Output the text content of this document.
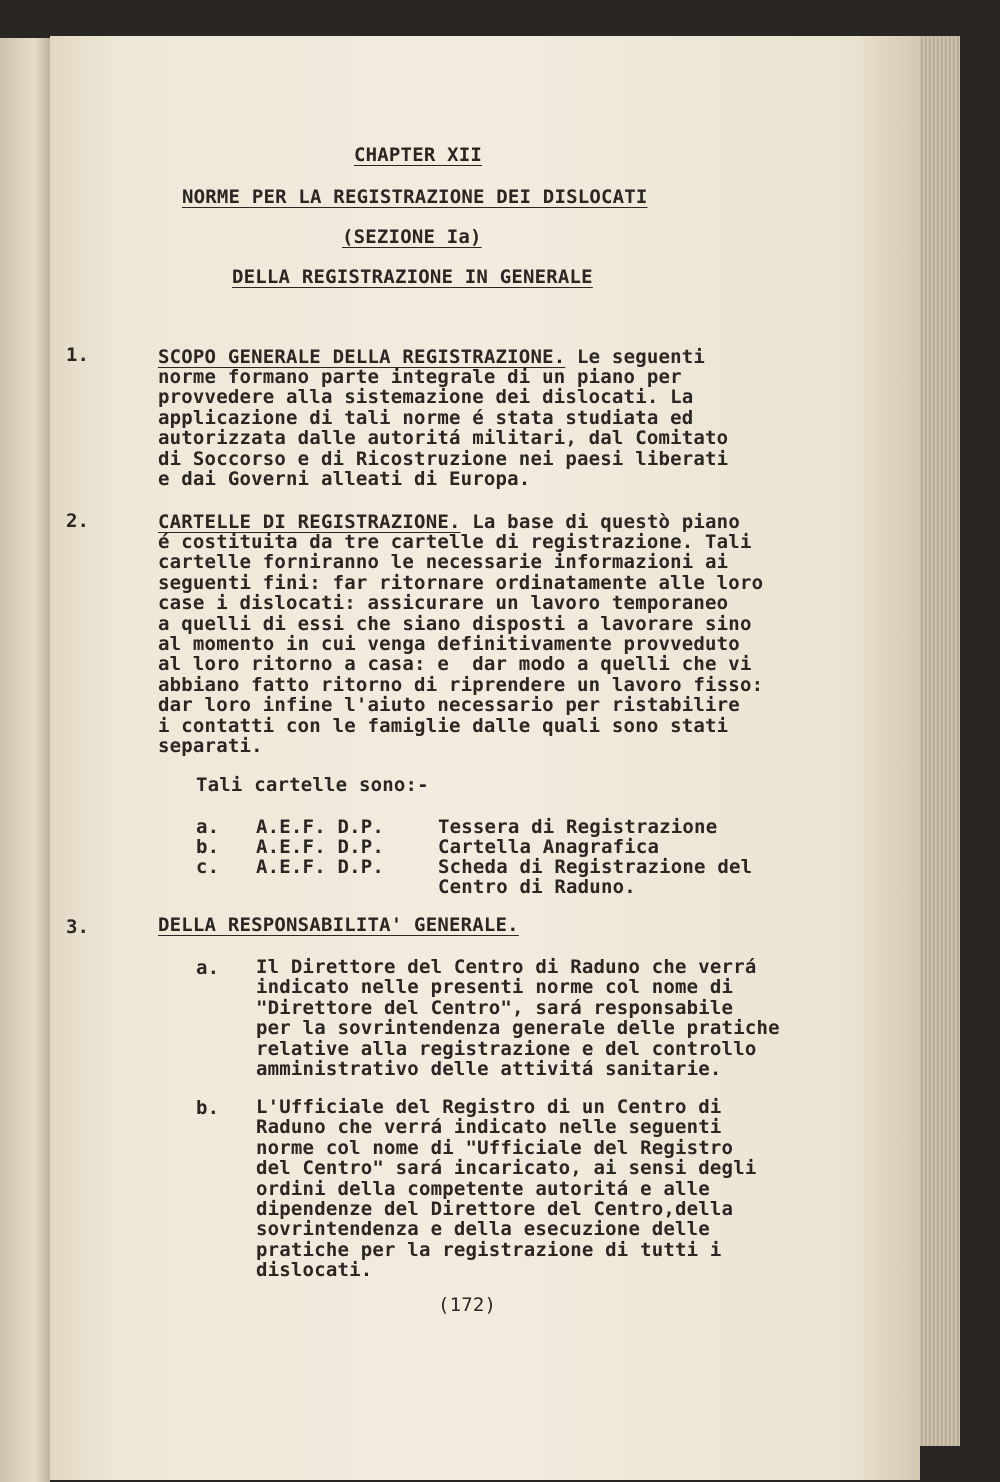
CHAPTER XII
NORME PER LA REGISTRAZIONE DEI DISLOCATI
(SEZIONE Ia)
DELLA REGISTRAZIONE IN GENERALE
1.	SCOPO GENERALE DELLA REGISTRAZIONE. Le seguenti
norme formano parte integrale di un piano per
provvedere alla sistemazione dei dislocati. La
applicazione di tali norme é stata studiata ed
autorizzata dalle autoritá militari, dal Comitato
di Soccorso e di Ricostruzione nei paesi liberati
e dai Governi alleati di Europa.
2.	CARTELLE DI REGISTRAZIONE. La base di questò piano
é costituita da tre cartelle di registrazione. Tali
cartelle forniranno le necessarie informazioni ai
seguenti fini: far ritornare ordinatamente alle loro
case i dislocati: assicurare un lavoro temporaneo
a quelli di essi che siano disposti a lavorare sino
al momento in cui venga definitivamente provveduto
al loro ritorno a casa: e  dar modo a quelli che vi
abbiano fatto ritorno di riprendere un lavoro fisso:
dar loro infine l'aiuto necessario per ristabilire
i contatti con le famiglie dalle quali sono stati
separati.
Tali cartelle sono:-
a. A.E.F. D.P.	Tessera di Registrazione
b. A.E.F. D.P.	Cartella Anagrafica
c. A.E.F. D.P.	Scheda di Registrazione del
Centro di Raduno.
3.	DELLA RESPONSABILITA' GENERALE.
a. Il Direttore del Centro di Raduno che verrá
indicato nelle presenti norme col nome di
"Direttore del Centro", sará responsabile
per la sovrintendenza generale delle pratiche
relative alla registrazione e del controllo
amministrativo delle attivitá sanitarie.
b. L'Ufficiale del Registro di un Centro di
Raduno che verrá indicato nelle seguenti
norme col nome di "Ufficiale del Registro
del Centro" sará incaricato, ai sensi degli
ordini della competente autoritá e alle
dipendenze del Direttore del Centro,della
sovrintendenza e della esecuzione delle
pratiche per la registrazione di tutti i
dislocati.
(172)
